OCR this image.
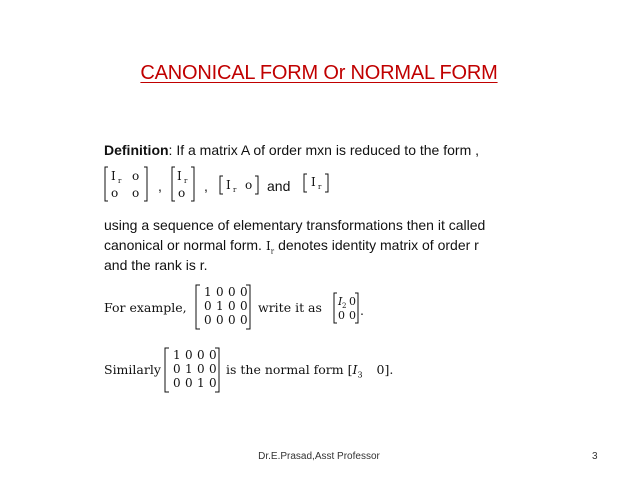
CANONICAL FORM Or NORMAL FORM
Definition: If a matrix A of order mxn is reduced to the form ,
I r o
o o ,
I r
o , I r o and I r
using a sequence of elementary transformations then it called
canonical or normal form. $I_r$ denotes identity matrix of order r
and the rank is r.
For example,
1 0 0 0
0 1 0 0
0 0 0 0
write it as I 2 0
0 0 .
Similarly
1 0 0 0
0 1 0 0
0 0 1 0
is the normal form [$I_3$ 0].
Dr.E.Prasad,Asst Professor	3
